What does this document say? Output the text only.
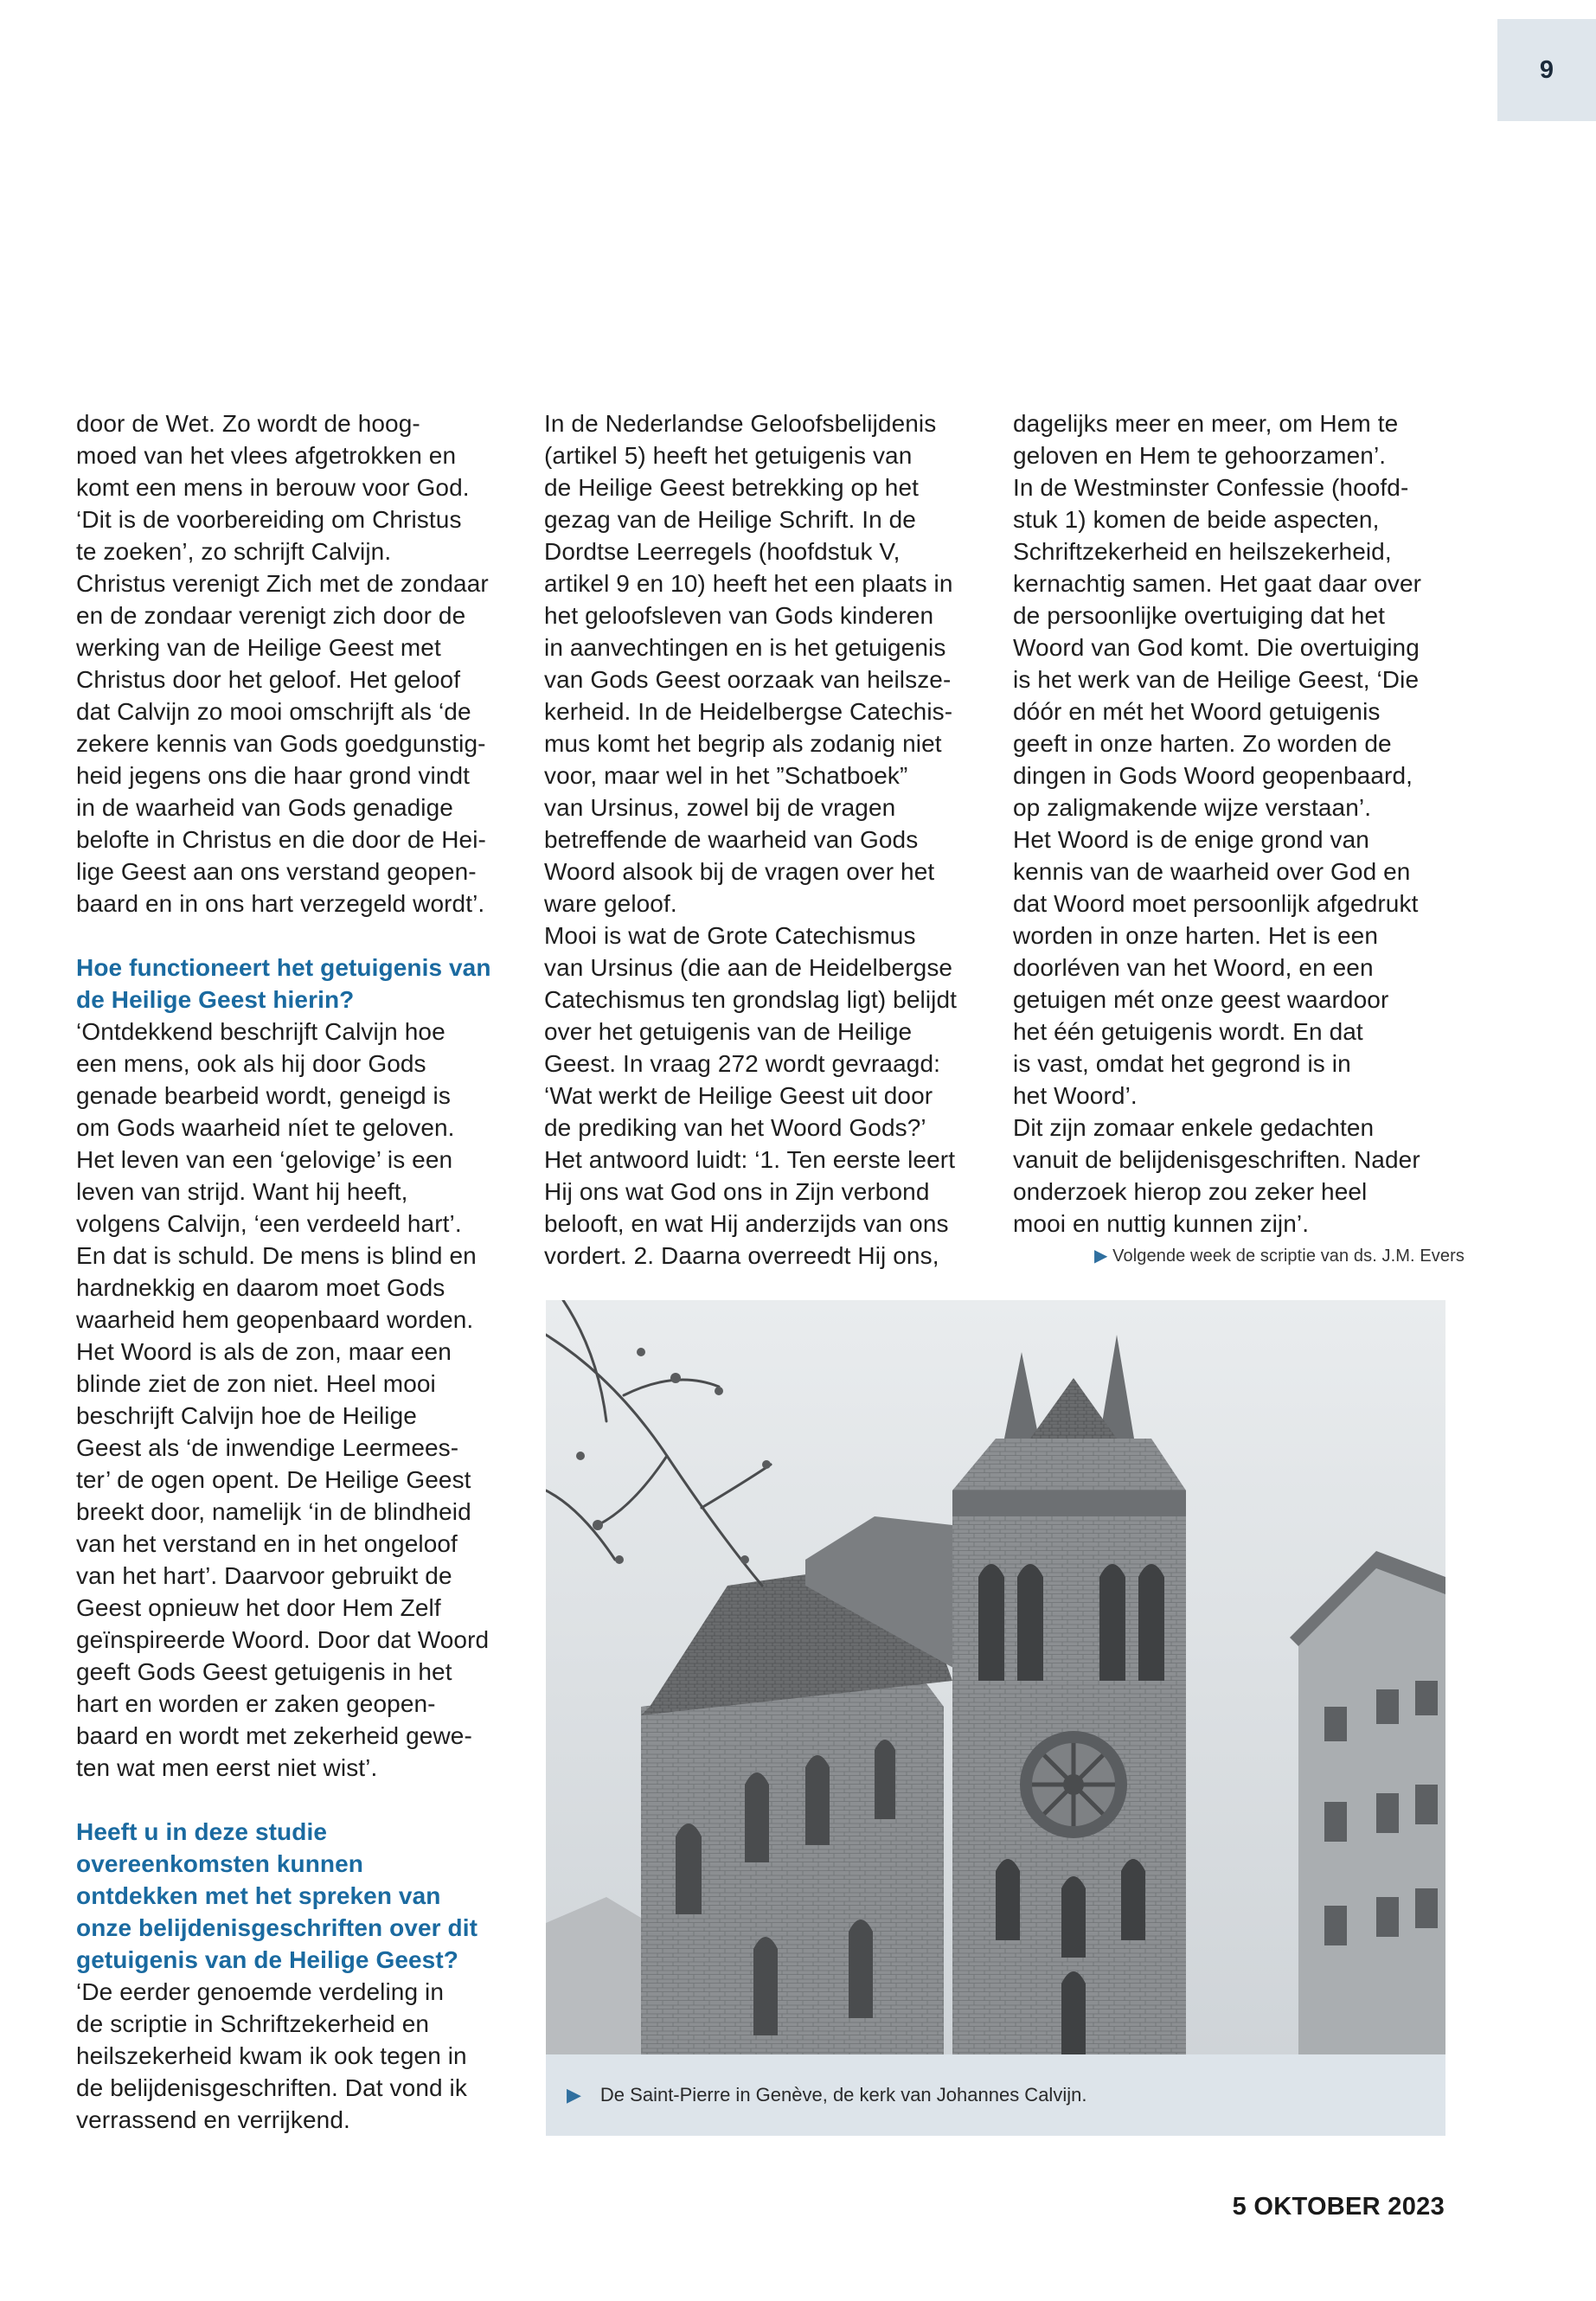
9

door de Wet. Zo wordt de hoog-

moed van het vlees afgetrokken en

komt een mens in berouw voor God.

‘Dit is de voorbereiding om Christus

te zoeken’, zo schrijft Calvijn.

Christus verenigt Zich met de zondaar

en de zondaar verenigt zich door de

werking van de Heilige Geest met

Christus door het geloof. Het geloof

dat Calvijn zo mooi omschrijft als ‘de

zekere kennis van Gods goedgunstig-

heid jegens ons die haar grond vindt

in de waarheid van Gods genadige

belofte in Christus en die door de Hei-

lige Geest aan ons verstand geopen-

baard en in ons hart verzegeld wordt’.

Hoe functioneert het getuigenis van

de Heilige Geest hierin?

‘Ontdekkend beschrijft Calvijn hoe

een mens, ook als hij door Gods

genade bearbeid wordt, geneigd is

om Gods waarheid níet te geloven.

Het leven van een ‘gelovige’ is een

leven van strijd. Want hij heeft,

volgens Calvijn, ‘een verdeeld hart’.

En dat is schuld. De mens is blind en

hardnekkig en daarom moet Gods

waarheid hem geopenbaard worden.

Het Woord is als de zon, maar een

blinde ziet de zon niet. Heel mooi

beschrijft Calvijn hoe de Heilige

Geest als ‘de inwendige Leermees-

ter’ de ogen opent. De Heilige Geest

breekt door, namelijk ‘in de blindheid

van het verstand en in het ongeloof

van het hart’. Daarvoor gebruikt de

Geest opnieuw het door Hem Zelf

geïnspireerde Woord. Door dat Woord

geeft Gods Geest getuigenis in het

hart en worden er zaken geopen-

baard en wordt met zekerheid gewe-

ten wat men eerst niet wist’.

Heeft u in deze studie

overeenkomsten kunnen

ontdekken met het spreken van

onze belijdenisgeschriften over dit

getuigenis van de Heilige Geest?

‘De eerder genoemde verdeling in

de scriptie in Schriftzekerheid en

heilszekerheid kwam ik ook tegen in

de belijdenisgeschriften. Dat vond ik

verrassend en verrijkend.

In de Nederlandse Geloofsbelijdenis

(artikel 5) heeft het getuigenis van

de Heilige Geest betrekking op het

gezag van de Heilige Schrift. In de

Dordtse Leerregels (hoofdstuk V,

artikel 9 en 10) heeft het een plaats in

het geloofsleven van Gods kinderen

in aanvechtingen en is het getuigenis

van Gods Geest oorzaak van heilsze-

kerheid. In de Heidelbergse Catechis-

mus komt het begrip als zodanig niet

voor, maar wel in het ”Schatboek”

van Ursinus, zowel bij de vragen

betreffende de waarheid van Gods

Woord alsook bij de vragen over het

ware geloof.

Mooi is wat de Grote Catechismus

van Ursinus (die aan de Heidelbergse

Catechismus ten grondslag ligt) belijdt

over het getuigenis van de Heilige

Geest. In vraag 272 wordt gevraagd:

‘Wat werkt de Heilige Geest uit door

de prediking van het Woord Gods?’

Het antwoord luidt: ‘1. Ten eerste leert

Hij ons wat God ons in Zijn verbond

belooft, en wat Hij anderzijds van ons

vordert. 2. Daarna overreedt Hij ons,

dagelijks meer en meer, om Hem te

geloven en Hem te gehoorzamen’.

In de Westminster Confessie (hoofd-

stuk 1) komen de beide aspecten,

Schriftzekerheid en heilszekerheid,

kernachtig samen. Het gaat daar over

de persoonlijke overtuiging dat het

Woord van God komt. Die overtuiging

is het werk van de Heilige Geest, ‘Die

dóór en mét het Woord getuigenis

geeft in onze harten. Zo worden de

dingen in Gods Woord geopenbaard,

op zaligmakende wijze verstaan’.

Het Woord is de enige grond van

kennis van de waarheid over God en

dat Woord moet persoonlijk afgedrukt

worden in onze harten. Het is een

doorléven van het Woord, en een

getuigen mét onze geest waardoor

het één getuigenis wordt. En dat

is vast, omdat het gegrond is in

het Woord’.

Dit zijn zomaar enkele gedachten

vanuit de belijdenisgeschriften. Nader

onderzoek hierop zou zeker heel

mooi en nuttig kunnen zijn’.

▶ Volgende week de scriptie van ds. J.M. Evers
▶ De Saint-Pierre in Genève, de kerk van Johannes Calvijn.
5 OKTOBER 2023
